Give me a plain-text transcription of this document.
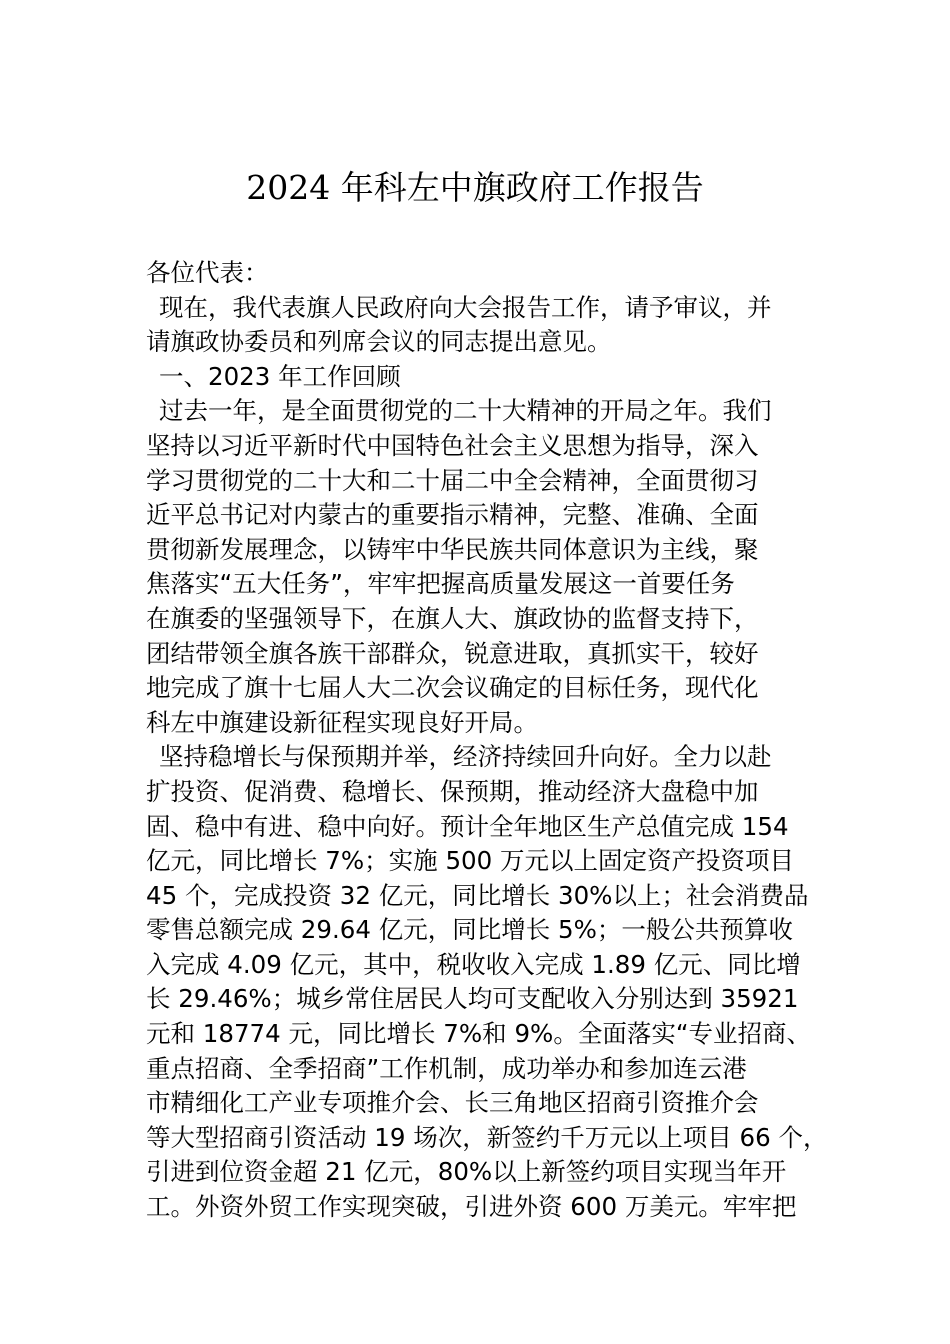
2024 年科左中旗政府工作报告
各位代表：
现在，我代表旗人民政府向大会报告工作，请予审议，并
请旗政协委员和列席会议的同志提出意见。
一、2023 年工作回顾
过去一年，是全面贯彻党的二十大精神的开局之年。我们
坚持以习近平新时代中国特色社会主义思想为指导，深入
学习贯彻党的二十大和二十届二中全会精神，全面贯彻习
近平总书记对内蒙古的重要指示精神，完整、准确、全面
贯彻新发展理念，以铸牢中华民族共同体意识为主线，聚
焦落实“五大任务”，牢牢把握高质量发展这一首要任务
在旗委的坚强领导下，在旗人大、旗政协的监督支持下，
团结带领全旗各族干部群众，锐意进取，真抓实干，较好
地完成了旗十七届人大二次会议确定的目标任务，现代化
科左中旗建设新征程实现良好开局。
坚持稳增长与保预期并举，经济持续回升向好。全力以赴
扩投资、促消费、稳增长、保预期，推动经济大盘稳中加
固、稳中有进、稳中向好。预计全年地区生产总值完成 154
亿元，同比增长 7%；实施 500 万元以上固定资产投资项目
45 个，完成投资 32 亿元，同比增长 30%以上；社会消费品
零售总额完成 29.64 亿元，同比增长 5%；一般公共预算收
入完成 4.09 亿元，其中，税收收入完成 1.89 亿元、同比增
长 29.46%；城乡常住居民人均可支配收入分别达到 35921
元和 18774 元，同比增长 7%和 9%。全面落实“专业招商、
重点招商、全季招商”工作机制，成功举办和参加连云港
市精细化工产业专项推介会、长三角地区招商引资推介会
等大型招商引资活动 19 场次，新签约千万元以上项目 66 个，
引进到位资金超 21 亿元，80%以上新签约项目实现当年开
工。外资外贸工作实现突破，引进外资 600 万美元。牢牢把
